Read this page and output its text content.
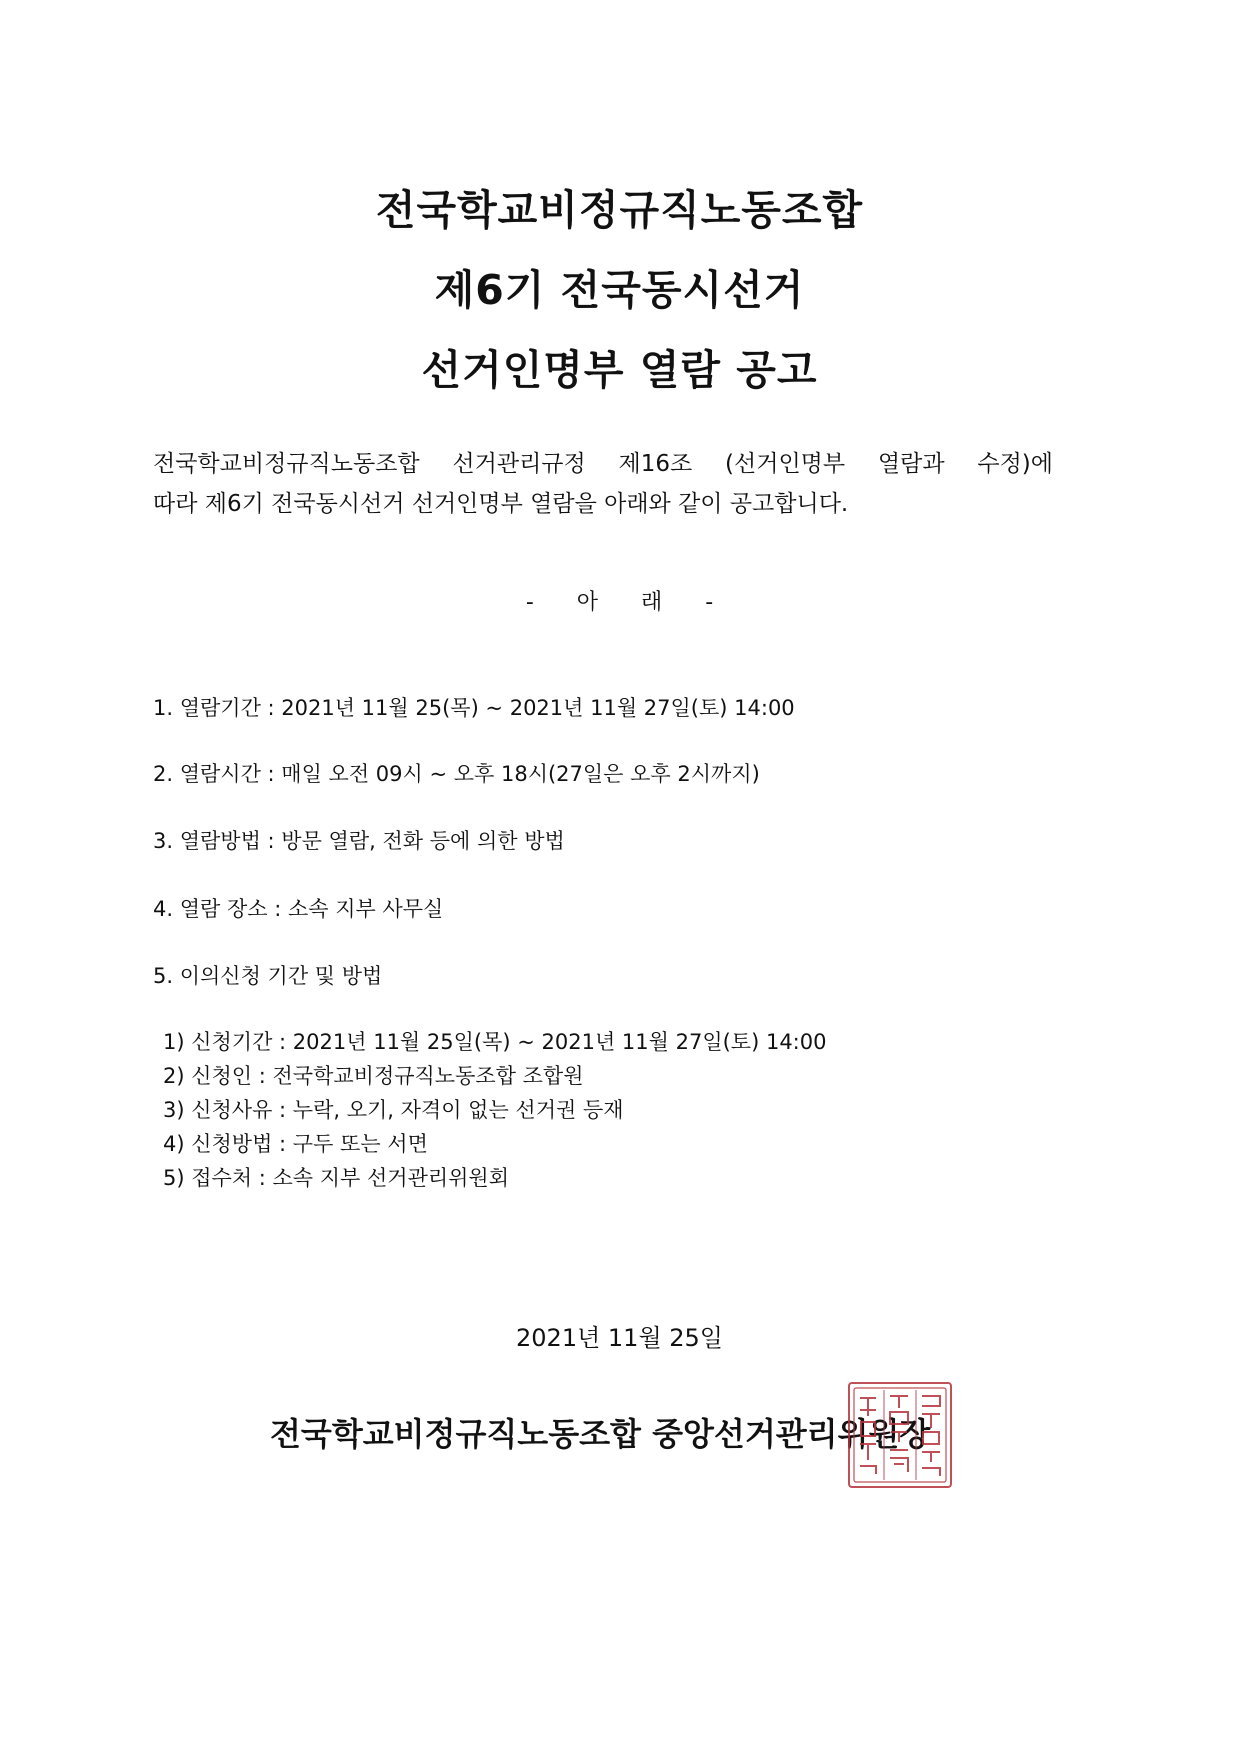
전국학교비정규직노동조합
제6기 전국동시선거
선거인명부 열람 공고
전국학교비정규직노동조합 선거관리규정 제16조 (선거인명부 열람과 수정)에
따라 제6기 전국동시선거 선거인명부 열람을 아래와 같이 공고합니다.
- 아 래 -
1. 열람기간 : 2021년 11월 25(목) ~ 2021년 11월 27일(토) 14:00
2. 열람시간 : 매일 오전 09시 ~ 오후 18시(27일은 오후 2시까지)
3. 열람방법 : 방문 열람, 전화 등에 의한 방법
4. 열람 장소 : 소속 지부 사무실
5. 이의신청 기간 및 방법
1) 신청기간 : 2021년 11월 25일(목) ~ 2021년 11월 27일(토) 14:00
2) 신청인 : 전국학교비정규직노동조합 조합원
3) 신청사유 : 누락, 오기, 자격이 없는 선거권 등재
4) 신청방법 : 구두 또는 서면
5) 접수처 : 소속 지부 선거관리위원회
2021년 11월 25일
전국학교비정규직노동조합 중앙선거관리위원장
